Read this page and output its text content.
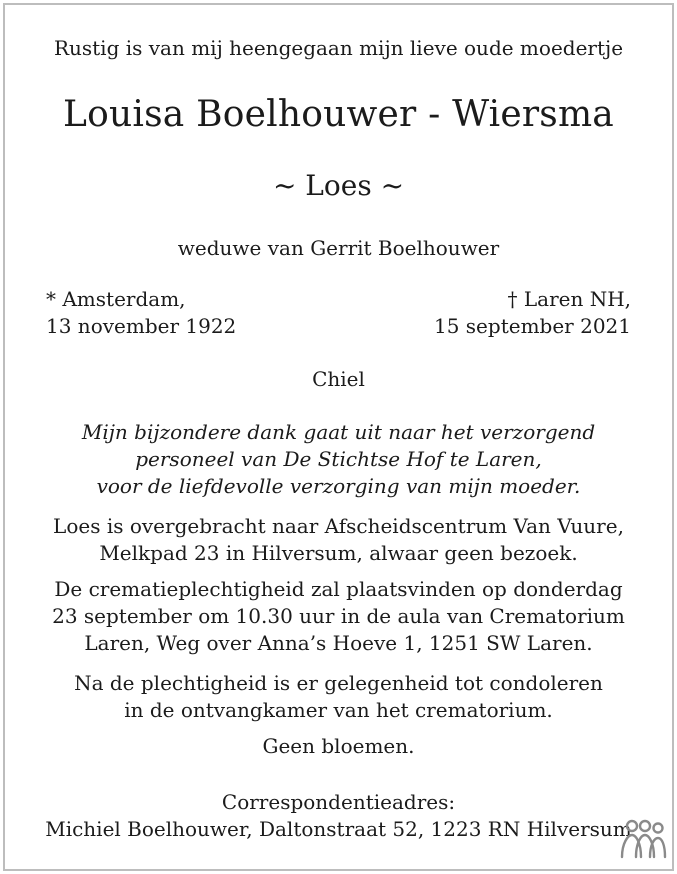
Rustig is van mij heengegaan mijn lieve oude moedertje
Louisa Boelhouwer - Wiersma
~ Loes ~
weduwe van Gerrit Boelhouwer
* Amsterdam,
13 november 1922
† Laren NH,
15 september 2021
Chiel
Mijn bijzondere dank gaat uit naar het verzorgend
personeel van De Stichtse Hof te Laren,
voor de liefdevolle verzorging van mijn moeder.
Loes is overgebracht naar Afscheidscentrum Van Vuure,
Melkpad 23 in Hilversum, alwaar geen bezoek.
De crematieplechtigheid zal plaatsvinden op donderdag
23 september om 10.30 uur in de aula van Crematorium
Laren, Weg over Anna’s Hoeve 1, 1251 SW Laren.
Na de plechtigheid is er gelegenheid tot condoleren
in de ontvangkamer van het crematorium.
Geen bloemen.
Correspondentieadres:
Michiel Boelhouwer, Daltonstraat 52, 1223 RN Hilversum
